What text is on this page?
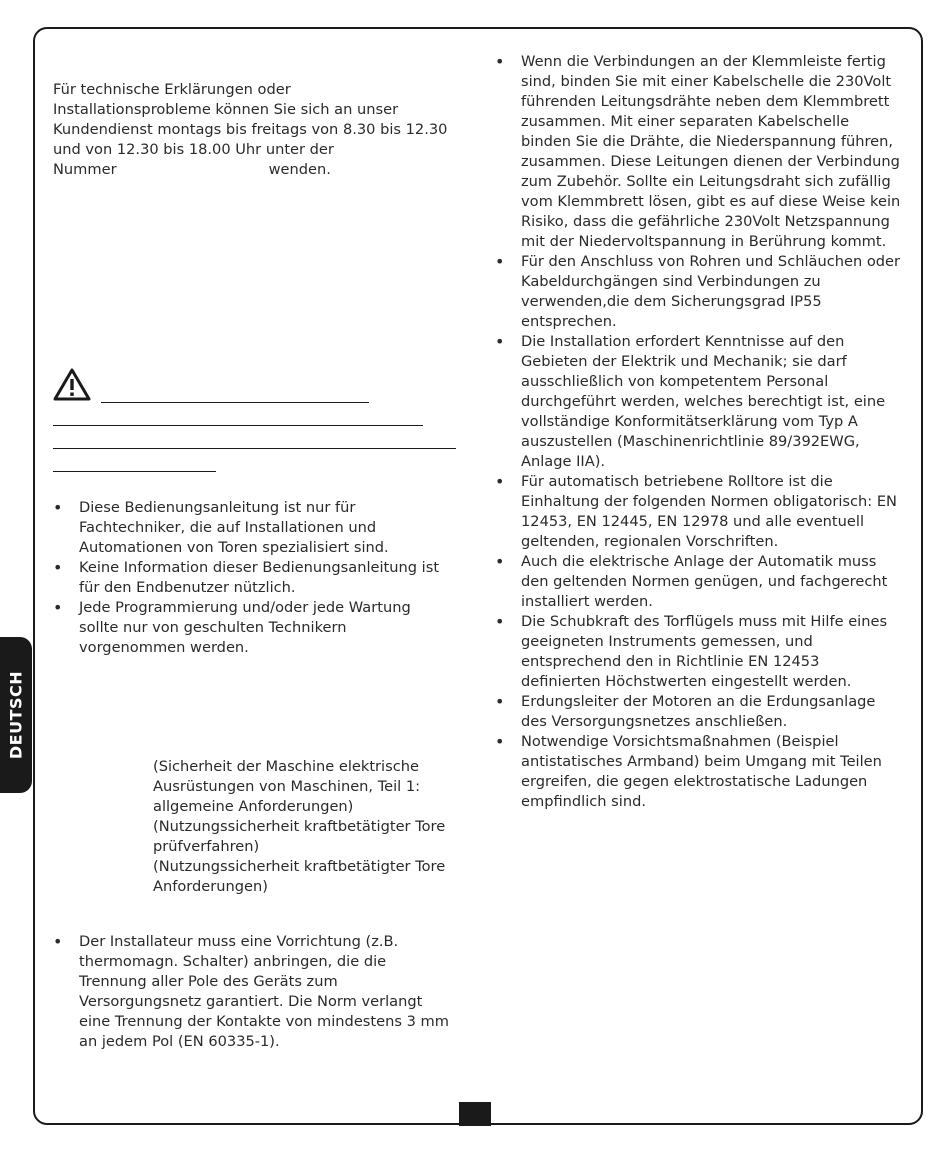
Für technische Erklärungen oder Installationsprobleme können Sie sich an unser Kundendienst montags bis freitags von 8.30 bis 12.30 und von 12.30 bis 18.00 Uhr unter der

Nummer	wenden.

• Diese Bedienungsanleitung ist nur für Fachtechniker, die auf Installationen und Automationen von Toren spezialisiert sind.
• Keine Information dieser Bedienungsanleitung ist für den Endbenutzer nützlich.
• Jede Programmierung und/oder jede Wartung sollte nur von geschulten Technikern vorgenommen werden.

(Sicherheit der Maschine elektrische Ausrüstungen von Maschinen, Teil 1: allgemeine Anforderungen)

(Nutzungssicherheit kraftbetätigter Tore prüfverfahren)

(Nutzungssicherheit kraftbetätigter Tore Anforderungen)

• Der Installateur muss eine Vorrichtung (z.B. thermomagn. Schalter) anbringen, die die Trennung aller Pole des Geräts zum Versorgungsnetz garantiert. Die Norm verlangt eine Trennung der Kontakte von mindestens 3 mm an jedem Pol (EN 60335-1).
• Wenn die Verbindungen an der Klemmleiste fertig sind, binden Sie mit einer Kabelschelle die 230Volt führenden Leitungsdrähte neben dem Klemmbrett zusammen. Mit einer separaten Kabelschelle binden Sie die Drähte, die Niederspannung führen, zusammen. Diese Leitungen dienen der Verbindung zum Zubehör. Sollte ein Leitungsdraht sich zufällig vom Klemmbrett lösen, gibt es auf diese Weise kein Risiko, dass die gefährliche 230Volt Netzspannung mit der Niedervoltspannung in Berührung kommt.
• Für den Anschluss von Rohren und Schläuchen oder Kabeldurchgängen sind Verbindungen zu verwenden,die dem Sicherungsgrad IP55 entsprechen.
• Die Installation erfordert Kenntnisse auf den Gebieten der Elektrik und Mechanik; sie darf ausschließlich von kompetentem Personal durchgeführt werden, welches berechtigt ist, eine vollständige Konformitätserklärung vom Typ A auszustellen (Maschinenrichtlinie 89/392EWG, Anlage IIA).
• Für automatisch betriebene Rolltore ist die Einhaltung der folgenden Normen obligatorisch: EN 12453, EN 12445, EN 12978 und alle eventuell geltenden, regionalen Vorschriften.
• Auch die elektrische Anlage der Automatik muss den geltenden Normen genügen, und fachgerecht installiert werden.
• Die Schubkraft des Torflügels muss mit Hilfe eines geeigneten Instruments gemessen, und entsprechend den in Richtlinie EN 12453 definierten Höchstwerten eingestellt werden.
• Erdungsleiter der Motoren an die Erdungsanlage des Versorgungsnetzes anschließen.
• Notwendige Vorsichtsmaßnahmen (Beispiel antistatisches Armband) beim Umgang mit Teilen ergreifen, die gegen elektrostatische Ladungen empfindlich sind.
DEUTSCH
